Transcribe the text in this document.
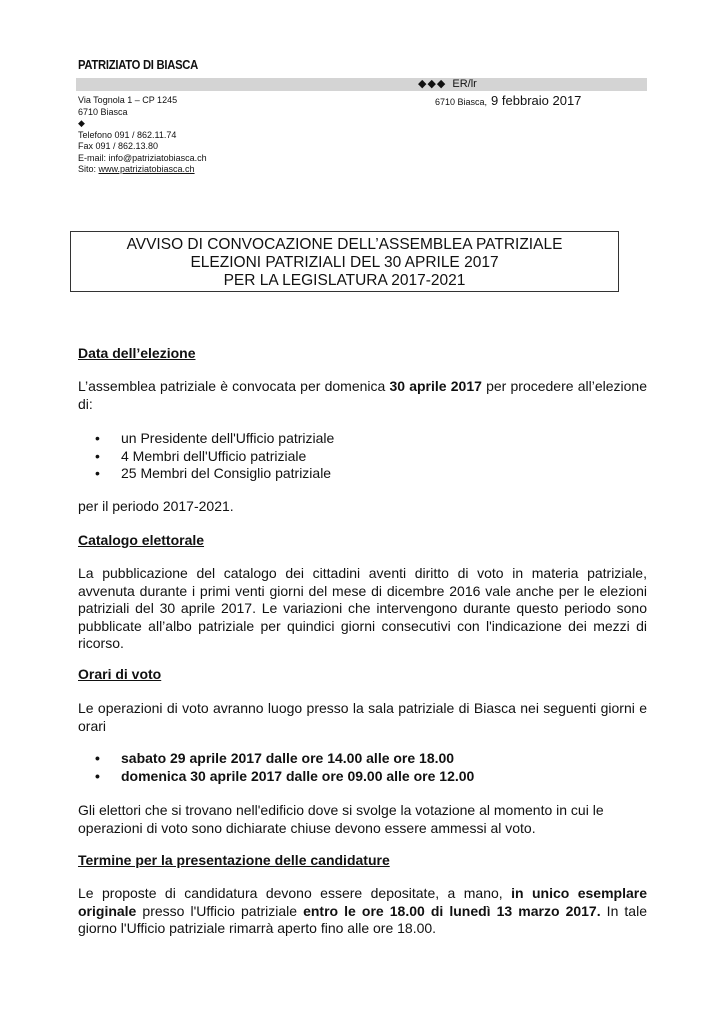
PATRIZIATO DI BIASCA
◆◆◆ ER/lr
Via Tognola 1 – CP 1245
6710 Biasca
◆
Telefono 091 / 862.11.74
Fax 091 / 862.13.80
E-mail: info@patriziatobiasca.ch
Sito: www.patriziatobiasca.ch
6710 Biasca, 9 febbraio 2017
AVVISO DI CONVOCAZIONE DELL’ASSEMBLEA PATRIZIALE
ELEZIONI PATRIZIALI DEL 30 APRILE 2017
PER LA LEGISLATURA 2017-2021
Data dell’elezione
L’assemblea patriziale è convocata per domenica 30 aprile 2017 per procedere all’elezione di:
• un Presidente dell'Ufficio patriziale
• 4 Membri dell'Ufficio patriziale
• 25 Membri del Consiglio patriziale
per il periodo 2017-2021.
Catalogo elettorale
La pubblicazione del catalogo dei cittadini aventi diritto di voto in materia patriziale, avvenuta durante i primi venti giorni del mese di dicembre 2016 vale anche per le elezioni patriziali del 30 aprile 2017. Le variazioni che intervengono durante questo periodo sono pubblicate all’albo patriziale per quindici giorni consecutivi con l'indicazione dei mezzi di ricorso.
Orari di voto
Le operazioni di voto avranno luogo presso la sala patriziale di Biasca nei seguenti giorni e orari
• sabato 29 aprile 2017 dalle ore 14.00 alle ore 18.00
• domenica 30 aprile 2017 dalle ore 09.00 alle ore 12.00
Gli elettori che si trovano nell'edificio dove si svolge la votazione al momento in cui le operazioni di voto sono dichiarate chiuse devono essere ammessi al voto.
Termine per la presentazione delle candidature
Le proposte di candidatura devono essere depositate, a mano, in unico esemplare originale presso l'Ufficio patriziale entro le ore 18.00 di lunedì 13 marzo 2017. In tale giorno l'Ufficio patriziale rimarrà aperto fino alle ore 18.00.
